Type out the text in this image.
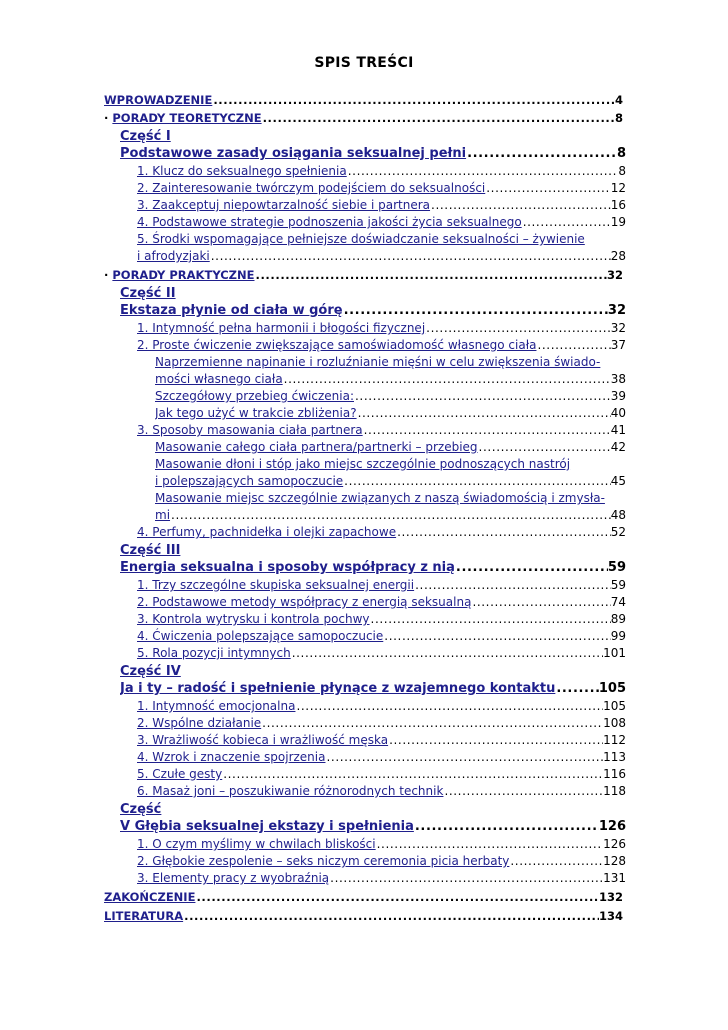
SPIS TREŚCI
WPROWADZENIE .....	4
· PORADY TEORETYCZNE .....	8
Część I
Podstawowe zasady osiągania seksualnej pełni .....	8
1. Klucz do seksualnego spełnienia .....	8
2. Zainteresowanie twórczym podejściem do seksualności .....	12
3. Zaakceptuj niepowtarzalność siebie i partnera .....	16
4. Podstawowe strategie podnoszenia jakości życia seksualnego .....	19
5. Środki wspomagające pełniejsze doświadczanie seksualności – żywienie
i afrodyzjaki .....	28
· PORADY PRAKTYCZNE .....	32
Część II
Ekstaza płynie od ciała w górę .....	32
1. Intymność pełna harmonii i błogości fizycznej .....	32
2. Proste ćwiczenie zwiększające samoświadomość własnego ciała .....	37
Naprzemienne napinanie i rozluźnianie mięśni w celu zwiększenia świado-
mości własnego ciała .....	38
Szczegółowy przebieg ćwiczenia: .....	39
Jak tego użyć w trakcie zbliżenia? .....	40
3. Sposoby masowania ciała partnera .....	41
Masowanie całego ciała partnera/partnerki – przebieg .....	42
Masowanie dłoni i stóp jako miejsc szczególnie podnoszących nastrój
i polepszających samopoczucie .....	45
Masowanie miejsc szczególnie związanych z naszą świadomością i zmysła-
mi .....	48
4. Perfumy, pachnidełka i olejki zapachowe .....	52
Część III
Energia seksualna i sposoby współpracy z nią .....	59
1. Trzy szczególne skupiska seksualnej energii .....	59
2. Podstawowe metody współpracy z energią seksualną .....	74
3. Kontrola wytrysku i kontrola pochwy .....	89
4. Ćwiczenia polepszające samopoczucie .....	99
5. Rola pozycji intymnych .....	101
Część IV
Ja i ty – radość i spełnienie płynące z wzajemnego kontaktu .....	105
1. Intymność emocjonalna .....	105
2. Wspólne działanie .....	108
3. Wrażliwość kobieca i wrażliwość męska .....	112
4. Wzrok i znaczenie spojrzenia .....	113
5. Czułe gesty .....	116
6. Masaż joni – poszukiwanie różnorodnych technik .....	118
Część
V Głębia seksualnej ekstazy i spełnienia .....	126
1. O czym myślimy w chwilach bliskości .....	126
2. Głębokie zespolenie – seks niczym ceremonia picia herbaty .....	128
3. Elementy pracy z wyobraźnią .....	131
ZAKOŃCZENIE .....	132
LITERATURA .....	134
